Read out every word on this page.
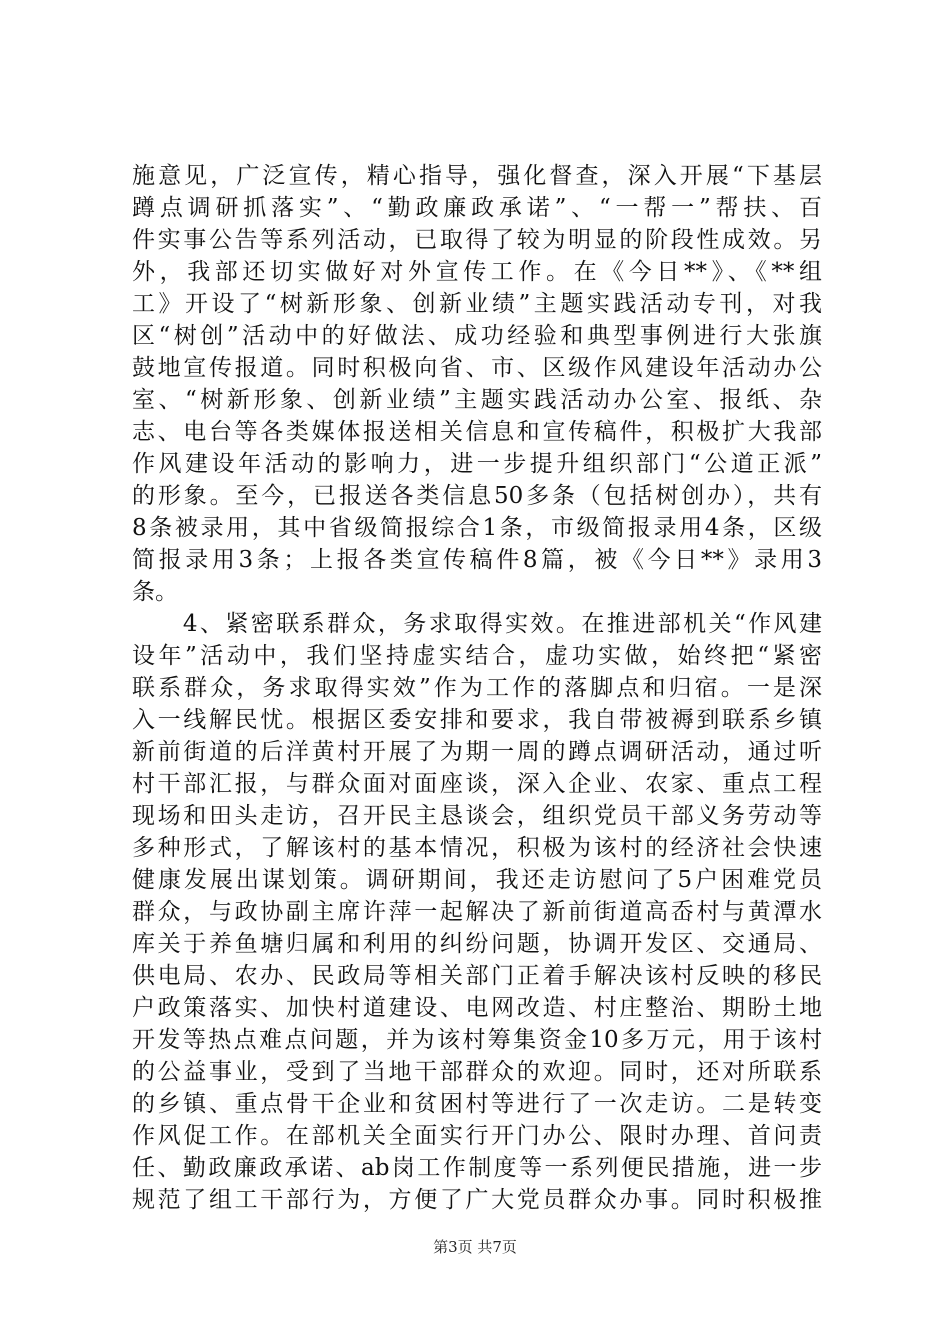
施意见，广泛宣传，精心指导，强化督查，深入开展“下基层
蹲点调研抓落实”、“勤政廉政承诺”、“一帮一”帮扶、百
件实事公告等系列活动，已取得了较为明显的阶段性成效。另
外，我部还切实做好对外宣传工作。在《今日**》、《**组
工》开设了“树新形象、创新业绩”主题实践活动专刊，对我
区“树创”活动中的好做法、成功经验和典型事例进行大张旗
鼓地宣传报道。同时积极向省、市、区级作风建设年活动办公
室、“树新形象、创新业绩”主题实践活动办公室、报纸、杂
志、电台等各类媒体报送相关信息和宣传稿件，积极扩大我部
作风建设年活动的影响力，进一步提升组织部门“公道正派”
的形象。至今，已报送各类信息50多条（包括树创办），共有
8条被录用，其中省级简报综合1条，市级简报录用4条，区级
简报录用3条；上报各类宣传稿件8篇，被《今日**》录用3
条。
　　4、紧密联系群众，务求取得实效。在推进部机关“作风建
设年”活动中，我们坚持虚实结合，虚功实做，始终把“紧密
联系群众，务求取得实效”作为工作的落脚点和归宿。一是深
入一线解民忧。根据区委安排和要求，我自带被褥到联系乡镇
新前街道的后洋黄村开展了为期一周的蹲点调研活动，通过听
村干部汇报，与群众面对面座谈，深入企业、农家、重点工程
现场和田头走访，召开民主恳谈会，组织党员干部义务劳动等
多种形式，了解该村的基本情况，积极为该村的经济社会快速
健康发展出谋划策。调研期间，我还走访慰问了5户困难党员
群众，与政协副主席许萍一起解决了新前街道高岙村与黄潭水
库关于养鱼塘归属和利用的纠纷问题，协调开发区、交通局、
供电局、农办、民政局等相关部门正着手解决该村反映的移民
户政策落实、加快村道建设、电网改造、村庄整治、期盼土地
开发等热点难点问题，并为该村筹集资金10多万元，用于该村
的公益事业，受到了当地干部群众的欢迎。同时，还对所联系
的乡镇、重点骨干企业和贫困村等进行了一次走访。二是转变
作风促工作。在部机关全面实行开门办公、限时办理、首问责
任、勤政廉政承诺、ab岗工作制度等一系列便民措施，进一步
规范了组工干部行为，方便了广大党员群众办事。同时积极推
第3页 共7页
